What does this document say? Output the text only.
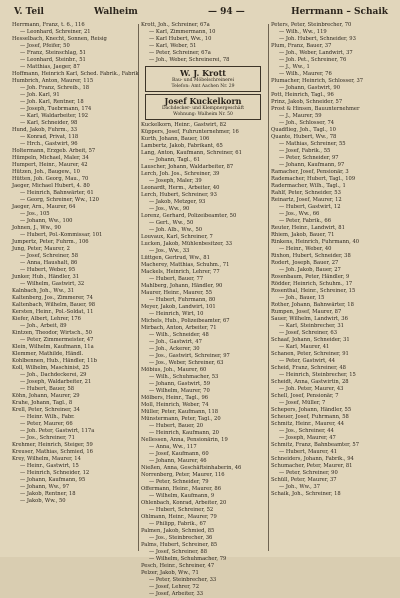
V. Teil	Walheim	— 94 —	Herrmann – Schaik
Herrmann, Franz, t. 6., 116
— Leonhard, Schreiner, 21
Hesselbach, Knecht, Sonnen, Reisig
— Josef, Pfeifer, 50
— Franz, Steinschlag, 51
— Leonhard, Steinbr., 51
— Matthias, Jaeger, 87
Hoffmann, Heinrich Karl, Sched. Fabrik., Fabrik
Humbrich, Anton, Maurer, 115
— Joh. Franz, Schreib., 18
— Joh. Karl, 91
— Joh. Karl, Rentner, 18
— Joseph, Tuebrmann, 174
— Karl, Waldarbeiter, 192
— Karl, Schneider, 98
Hund, Jakob, Fuhrm., 33
— Konrad, Privat, 118
— Hrch., Gastwirt, 96
Holtermann, Erzgeb. Arbeit, 57
Hümpeln, Michael, Maler, 34
Humpert, Heinr., Maurer, 42
Hützen, Joh., Baugew., 10
Hütten, Joh. Georg, Mau., 70
Jaeger, Michael Hubert, 4. 80
— Heinrich, Bahnwärter, 61
— Georg, Schreiner, Ww., 120
Jaeger, Arn., Maurer, 64
— Jos., 105
— Johann, Ww., 100
Johnen, J., Ww., 90
— Hubert, Pol.-Kommissar, 101
Jumpertz, Peter, Fuhrm., 106
Jung, Peter, Maurer, 2
— Josef, Schreiner, 58
— Anna, Haushalt, 86
— Hubert, Weber, 95
Junker, Hub., Händler, 31
— Wilhelm, Gastwirt, 32
Kalnbach, Joh., Ww., 31
Kaltenberg, Jos., Zimmerer, 74
Kaltenbach, Wilhelm, Bauer, 98
Kersten, Heinr., Pol.-Soldat, 11
Kiefer, Albert, Lehrer, 176
— Joh., Arbeit, 89
Kintzen, Theodor, Wirtsch., 50
— Peter, Zimmermeister, 47
Klein, Wilhelm, Kaufmann, 11a
Klemmer, Mathilde, Händl.
Kohlbennen, Hub., Händler, 11b
Koll, Wilhelm, Maschinist, 25
— Joh., Dachdeckerei, 29
— Joseph, Waldarbeiter, 21
— Hubert, Bauer, 58
Köhn, Johann, Maurer, 29
Krahe, Johann, Tagl., 8
Krell, Peter, Schreiner, 34
— Heinr. Wilh., Fabr.
— Peter, Maurer, 66
— Joh. Peter, Gastwirt, 117a
— Jos., Schreiner, 71
Krehmer, Heinrich, Steiger, 59
Kreuser, Mathias, Schmied, 16
Krey, Wilhelm, Maurer, 14
— Heinr., Gastwirt, 15
— Heinrich, Schneider, 12
— Johann, Kaufmann, 95
— Johann, Ww., 97
— Jakob, Rentner, 18
— Jakob, Ww., 50
Krott, Joh., Schreiner, 67a
— Karl, Zimmermann, 10
— Karl Hubert, Ww., 10
— Karl, Weber, 51
— Peter, Schreiner, 67a
— Joh., Weber, Schreinerei, 78
W. J. Krott
Bau- und Möbelschreinerei
Telefon: Amt Aachen Nr. 29
Josef Kuckelkorn
Dachdecker- und Klempnergeschäft
Wohnung: Walheim Nr. 50
Kuckelkorn, Heinr., Gastwirt, 82
Küppers, Josef, Fuhrunternehmer, 16
Kurth, Johann, Bauer, 106
Lambertz, Jakob, Fabrikant, 65
Lang, Anton, Kaufmann, Schreiner, 61
— Johann, Tagl., 61
Lauscher, Johann, Waldarbeiter, 87
Lerch, Joh. Jos., Schreiner, 39
— Joseph, Maler, 39
Leonardt, Herm., Arbeiter, 40
Lerch, Hubert, Schreiner, 93
— Jakob, Metzger, 93
— Jos., Ww., 90
Lorenz, Gerhard, Polizeibeamter, 50
— Gert., Ww., 50
— Joh. Alb., Ww., 50
Louvaux, Karl, Schreiner, 7
Lucken, Jakob, Mühlenbesitzer, 33
— Jos., Ww., 33
Lüttgen, Gertrud, Ww., 81
Macherey, Matthias, Schuhm., 71
Mackels, Heinrich, Lehrer, 77
— Hubert, Bauer, 77
Mahlberg, Johann, Händler, 90
Maurer, Heinr., Maurer, 55
— Hubert, Fuhrmann, 80
Meyer, Jakob, Landwirt, 101
— Heinrich, Wirt, 10
Michels, Hub., Polizeibeamter, 67
Mirbach, Anton, Arbeiter, 71
— Wilh., Schneider, 48
— Joh., Gastwirt, 47
— Joh., Ackerer, 30
— Jos., Gastwirt, Schreiner, 97
— Jos., Weber, Schreiner, 63
Möbius, Joh., Maurer, 60
— Wilh., Schuhmacher, 53
— Johann, Gastwirt, 59
— Wilhelm, Maurer, 70
Mölbers, Heinr., Tagl., 96
Moll, Heinrich, Weber, 74
Müller, Peter, Kaufmann, 118
Münstermann, Peter, Tagl., 20
— Hubert, Bauer, 20
— Heinrich, Kaufmann, 20
Nellessen, Anna, Pensionärin, 19
— Anna, Ww., 117
— Josef, Kaufmann, 60
— Johann, Maurer, 46
Nießen, Anna, Geschäftsinhaberin, 46
Norrenberg, Peter, Maurer, 116
— Peter, Schneider, 79
Offermann, Heinr., Maurer, 86
— Wilhelm, Kaufmann, 9
Ohlenbach, Konrad, Arbeiter, 20
— Hubert, Schreiner, 52
Ohlmann, Heinr., Maurer, 79
— Philipp, Fabrik., 67
Palmen, Jakob, Schmied, 85
— Jos., Steinbrecher, 36
Palms, Hubert, Schreiner, 85
— Josef, Schreiner, 88
— Wilhelm, Schuhmacher, 79
Pesch, Heinr., Schreiner, 47
Pelzer, Jakob, Ww., 71
— Peter, Steinbrecher, 33
— Josef, Lehrer, 72
— Josef, Arbeiter, 33
Peters, Peter, Steinbrecher, 70
— Wilh., Ww., 119
— Joh. Hubert, Schneider, 93
Plum, Franz, Bauer, 37
— Joh., Weber, Landwirt, 37
— Joh. Pet., Schreiner, 76
— J., Ww., 1
— Wilh., Maurer, 76
Plumacher, Heinrich, Schlosser, 37
— Johann, Gastwirt, 90
Pott, Heinrich, Tagl., 96
Prinz, Jakob, Schneider, 57
Prost & Hinsen, Bauunternehmer
— J., Maurer, 59
— Joh., Schlosser, 74
Quadflieg, Joh., Tagl., 10
Quante, Hubert, Ww., 78
— Mathias, Schreiner, 55
— Josef, Fabrik., 55
— Peter, Schneider, 97
— Johann, Kaufmann, 97
Ramacher, Josef, Pensionär, 3
Rademacher, Hubert, Tagl., 109
Radermacher, Wilh., Tagl., 1
Rahlf, Peter, Schneider, 53
Reinartz, Josef, Maurer, 12
— Hubert, Gastwirt, 12
— Jos., Ww., 66
— Peter, Fabrik., 66
Reuter, Heinr., Landwirt, 81
Rhiem, Jakob, Bauer, 71
Rinkens, Heinrich, Fuhrmann, 40
— Heinr., Weber, 40
Rixhon, Hubert, Schneider, 38
Rodert, Joseph, Bauer, 27
— Joh. Jakob, Bauer, 27
Rosenbaum, Peter, Händler, 9
Rödder, Heinrich, Schuhm., 17
Rosenthal, Heinr., Schreiner, 15
— Joh., Bauer, 15
Rother, Johann, Bahnwärter, 18
Rumpen, Josef, Maurer, 87
Sauer, Wilhelm, Landwirt, 36
— Karl, Steinbrecher, 31
— Josef, Schreiner, 63
Schaaf, Johann, Schneider, 31
— Karl, Maurer, 41
Schanen, Peter, Schreiner, 91
— Peter, Gastwirt, 44
Scheid, Franz, Schreiner, 48
— Heinrich, Steinbrecher, 15
Scheidt, Anna, Gastwirtin, 28
— Joh. Peter, Maurer, 43
Schell, Josef, Pensionär, 7
— Josef, Müller, 7
Schepers, Johann, Händler, 55
Scheuer, Josef, Fuhrmann, 58
Schmitz, Heinr., Maurer, 44
— Jos., Schreiner, 44
— Joseph, Maurer, 47
Schmitz, Franz, Bahnbeamter, 57
— Hubert, Maurer, 41
Schneiders, Johann, Fabrik., 94
Schumacher, Peter, Maurer, 81
— Peter, Schreiner, 90
Schüll, Peter, Maurer, 37
— Joh., Ww., 37
Schaik, Joh., Schreiner, 18
